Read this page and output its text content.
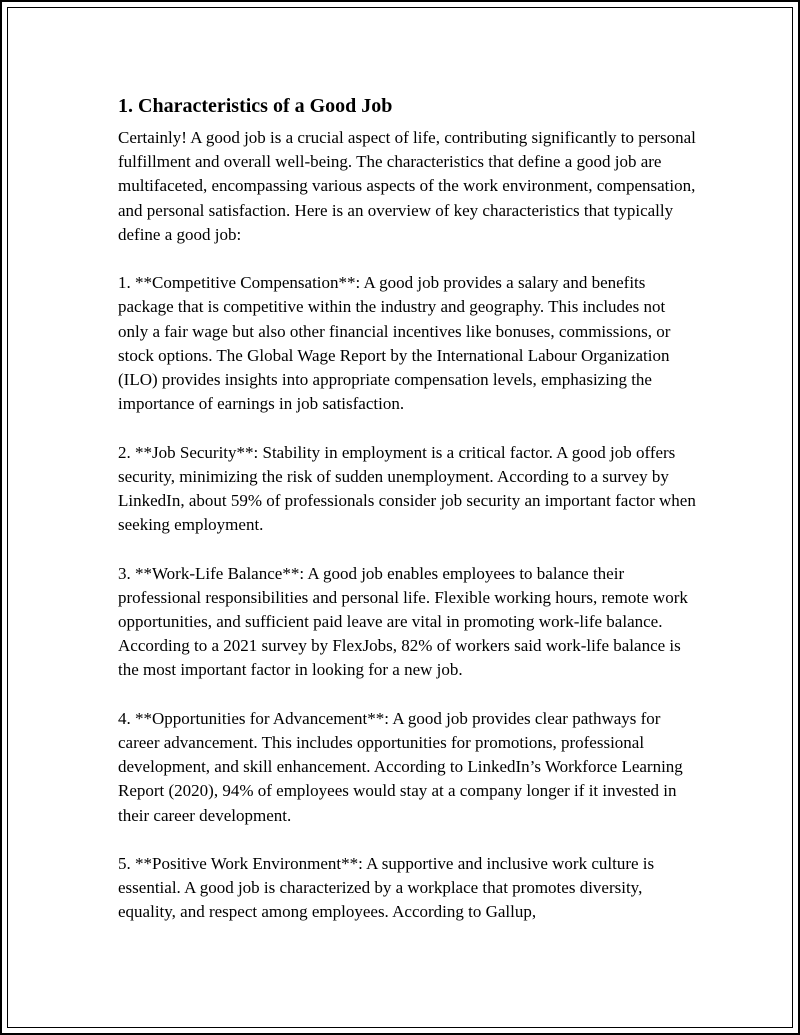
1. Characteristics of a Good Job

Certainly! A good job is a crucial aspect of life, contributing significantly to personal fulfillment and overall well-being. The characteristics that define a good job are multifaceted, encompassing various aspects of the work environment, compensation, and personal satisfaction. Here is an overview of key characteristics that typically define a good job:

1. **Competitive Compensation**: A good job provides a salary and benefits package that is competitive within the industry and geography. This includes not only a fair wage but also other financial incentives like bonuses, commissions, or stock options. The Global Wage Report by the International Labour Organization (ILO) provides insights into appropriate compensation levels, emphasizing the importance of earnings in job satisfaction.

2. **Job Security**: Stability in employment is a critical factor. A good job offers security, minimizing the risk of sudden unemployment. According to a survey by LinkedIn, about 59% of professionals consider job security an important factor when seeking employment.

3. **Work-Life Balance**: A good job enables employees to balance their professional responsibilities and personal life. Flexible working hours, remote work opportunities, and sufficient paid leave are vital in promoting work-life balance. According to a 2021 survey by FlexJobs, 82% of workers said work-life balance is the most important factor in looking for a new job.

4. **Opportunities for Advancement**: A good job provides clear pathways for career advancement. This includes opportunities for promotions, professional development, and skill enhancement. According to LinkedIn’s Workforce Learning Report (2020), 94% of employees would stay at a company longer if it invested in their career development.

5. **Positive Work Environment**: A supportive and inclusive work culture is essential. A good job is characterized by a workplace that promotes diversity, equality, and respect among employees. According to Gallup,
